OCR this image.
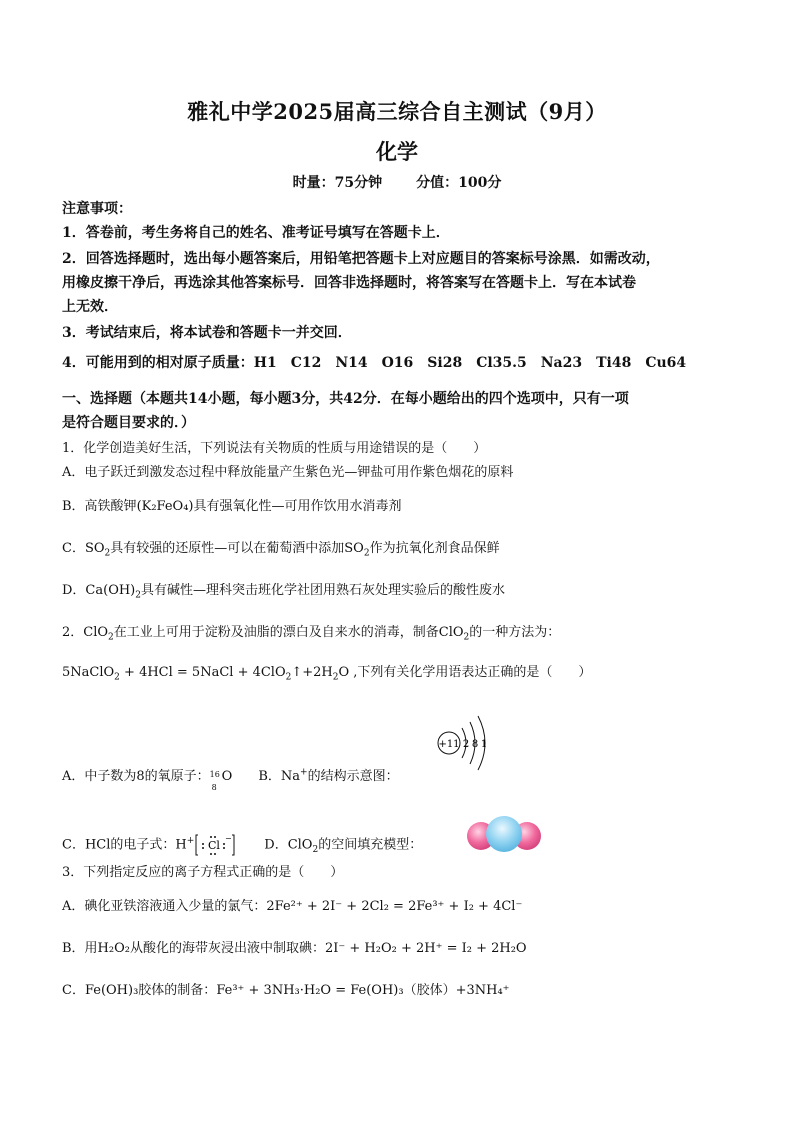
雅礼中学2025届高三综合自主测试（9月）
化学
时量：75分钟 分值：100分
注意事项：
1．答卷前，考生务将自己的姓名、准考证号填写在答题卡上．
2．回答选择题时，选出每小题答案后，用铅笔把答题卡上对应题目的答案标号涂黑．如需改动，
用橡皮擦干净后，再选涂其他答案标号．回答非选择题时，将答案写在答题卡上．写在本试卷
上无效．
3．考试结束后，将本试卷和答题卡一并交回．
4．可能用到的相对原子质量：H1　C12　N14　O16　Si28　Cl35.5　Na23　Ti48　Cu64
一、选择题（本题共14小题，每小题3分，共42分．在每小题给出的四个选项中，只有一项
是符合题目要求的．）
1．化学创造美好生活，下列说法有关物质的性质与用途错误的是（　　）
A．电子跃迁到激发态过程中释放能量产生紫色光—钾盐可用作紫色烟花的原料
B．高铁酸钾(K₂FeO₄)具有强氧化性—可用作饮用水消毒剂
C．$SO_2$具有较强的还原性—可以在葡萄酒中添加$SO_2$作为抗氧化剂食品保鲜
D．$Ca(OH)_2$具有碱性—理科突击班化学社团用熟石灰处理实验后的酸性废水
2．ClO$_2$在工业上可用于淀粉及油脂的漂白及自来水的消毒，制备ClO$_2$的一种方法为：
5NaClO$_2$ + 4HCl = 5NaCl + $4ClO_2↑+2H_2O$ ,下列有关化学用语表达正确的是（　　）
+11 2 8 1
A．中子数为8的氧原子： 16
8
O B．Na+的结构示意图：
C．HCl的电子式：H+ Cl
− D．ClO$_2$的空间填充模型：
3．下列指定反应的离子方程式正确的是（　　）
A．碘化亚铁溶液通入少量的氯气：2Fe²⁺ + 2I⁻ + 2Cl₂ = 2Fe³⁺ + I₂ + 4Cl⁻
B．用H₂O₂从酸化的海带灰浸出液中制取碘：2I⁻ + H₂O₂ + 2H⁺ = I₂ + 2H₂O
C．Fe(OH)₃胶体的制备：Fe³⁺ + 3NH₃·H₂O = Fe(OH)₃（胶体）+3NH₄⁺
